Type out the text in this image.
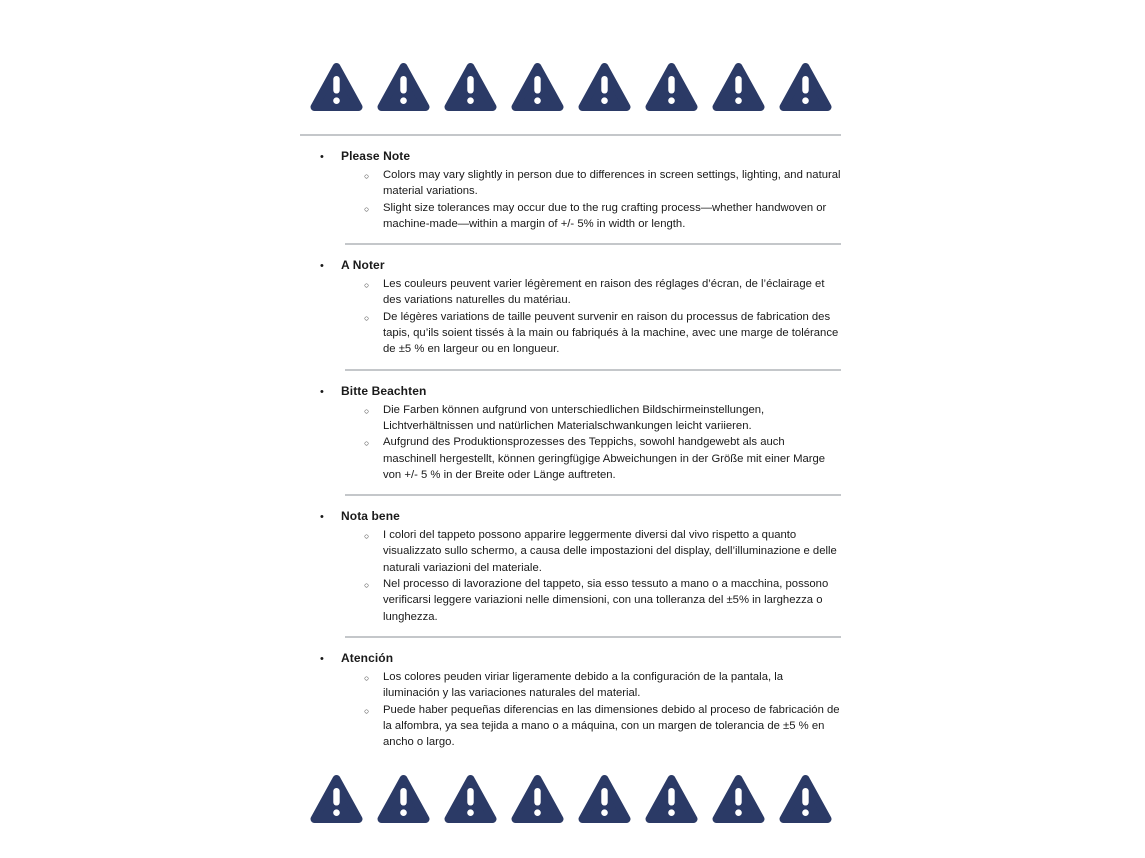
•	Please Note
○	Colors may vary slightly in person due to differences in screen settings, lighting, and natural material variations.

○	Slight size tolerances may occur due to the rug crafting process—whether handwoven or machine-made—within a margin of +/- 5% in width or length.

•	A Noter
○	Les couleurs peuvent varier légèrement en raison des réglages d’écran, de l’éclairage et des variations naturelles du matériau.

○	De légères variations de taille peuvent survenir en raison du processus de fabrication des tapis, qu’ils soient tissés à la main ou fabriqués à la machine, avec une marge de tolérance de ±5 % en largeur ou en longueur.

•	Bitte Beachten
○	Die Farben können aufgrund von unterschiedlichen Bildschirmeinstellungen, Lichtverhältnissen und natürlichen Materialschwankungen leicht variieren.

○	Aufgrund des Produktionsprozesses des Teppichs, sowohl handgewebt als auch maschinell hergestellt, können geringfügige Abweichungen in der Größe mit einer Marge von +/- 5 % in der Breite oder Länge auftreten.

•	Nota bene
○	I colori del tappeto possono apparire leggermente diversi dal vivo rispetto a quanto visualizzato sullo schermo, a causa delle impostazioni del display, dell’illuminazione e delle naturali variazioni del materiale.

○	Nel processo di lavorazione del tappeto, sia esso tessuto a mano o a macchina, possono verificarsi leggere variazioni nelle dimensioni, con una tolleranza del ±5% in larghezza o lunghezza.

•	Atención
○	Los colores peuden viriar ligeramente debido a la configuración de la pantala, la iluminación y las variaciones naturales del material.

○	Puede haber pequeñas diferencias en las dimensiones debido al proceso de fabricación de la alfombra, ya sea tejida a mano o a máquina, con un margen de tolerancia de ±5 % en ancho o largo.
